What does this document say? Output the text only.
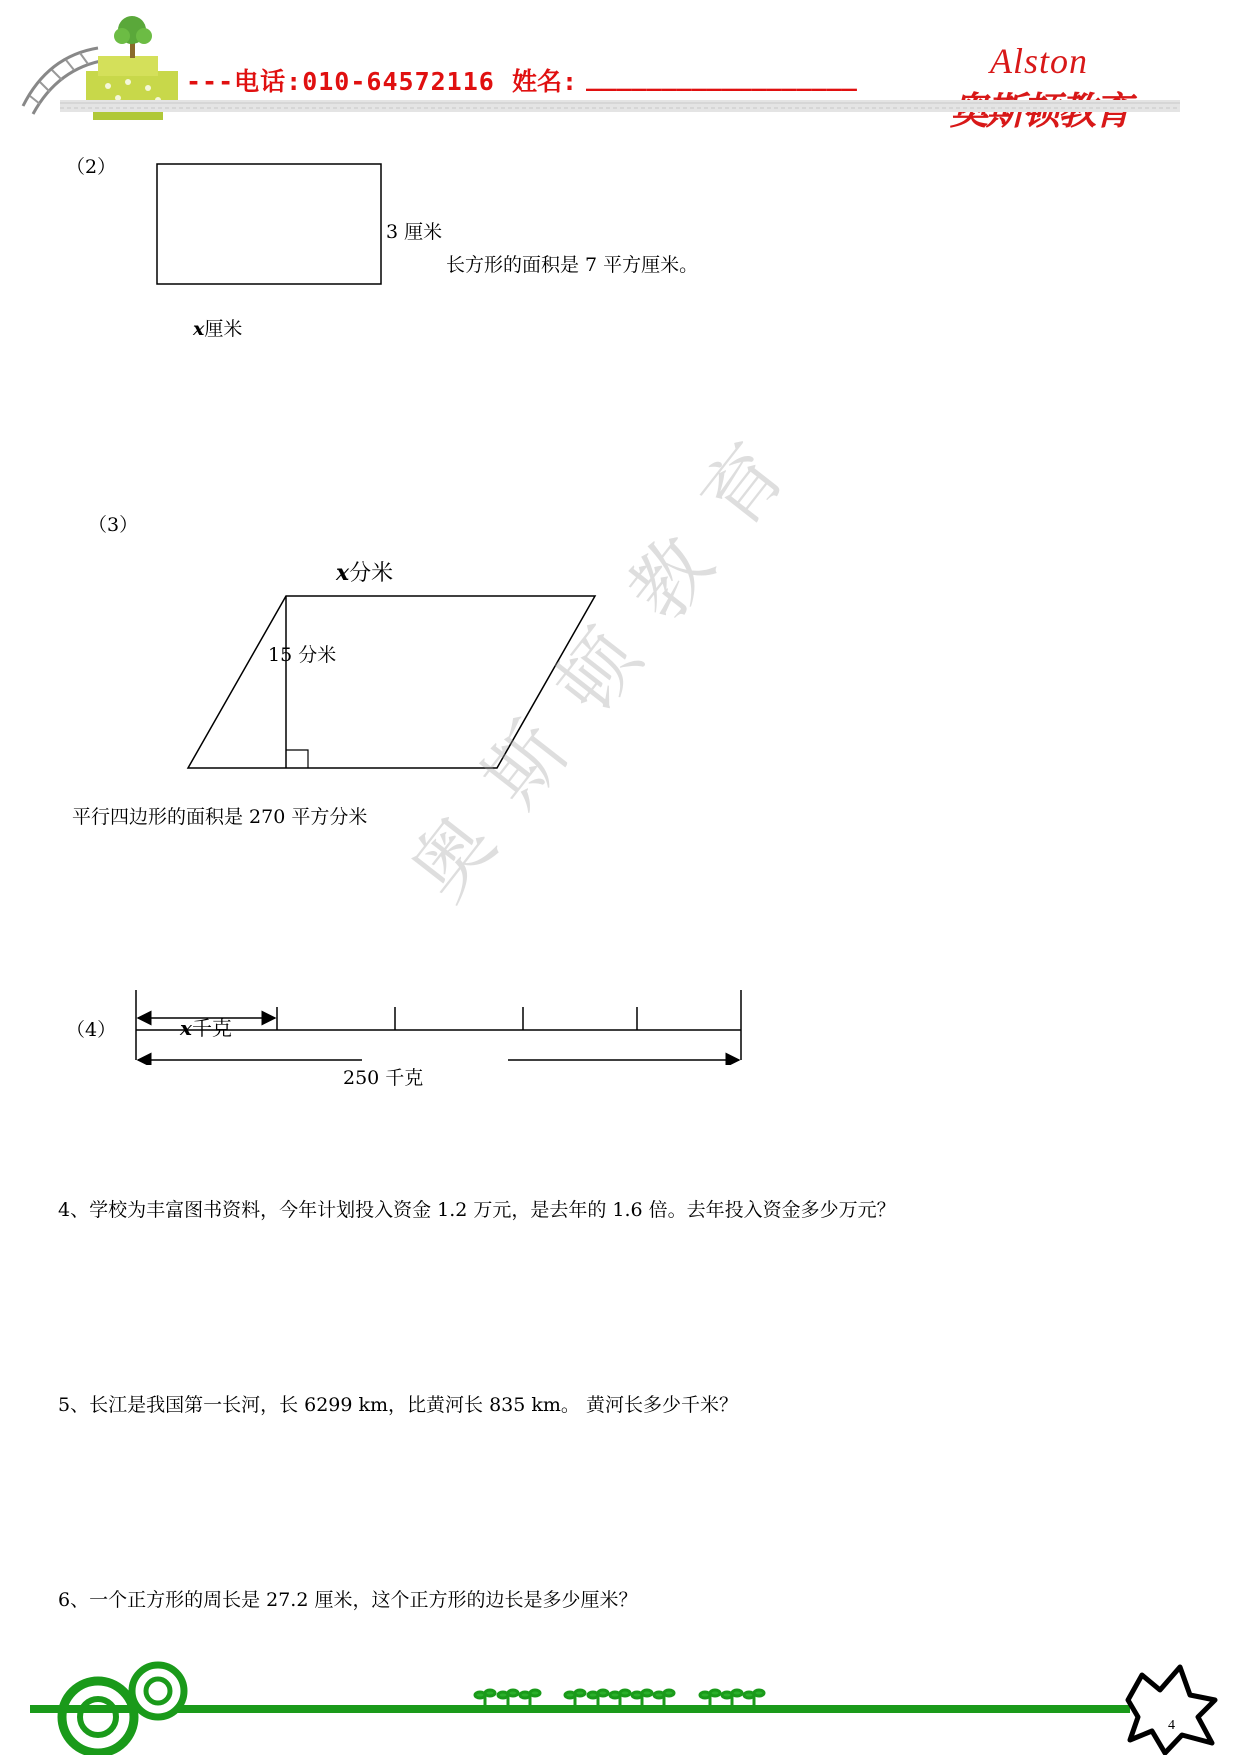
---电话:010-64572116 姓名: __________________	Alston
（2）
3 厘米
长方形的面积是 7 平方厘米。
x厘米
（3）
x分米
15 分米
平行四边形的面积是 270 平方分米
（4）	x千克
250 千克
4、学校为丰富图书资料，今年计划投入资金 1.2 万元，是去年的 1.6 倍。去年投入资金多少万元？
5、长江是我国第一长河，长 6299 km，比黄河长 835 km。 黄河长多少千米？
6、一个正方形的周长是 27.2 厘米，这个正方形的边长是多少厘米？
奥斯顿教育
4
